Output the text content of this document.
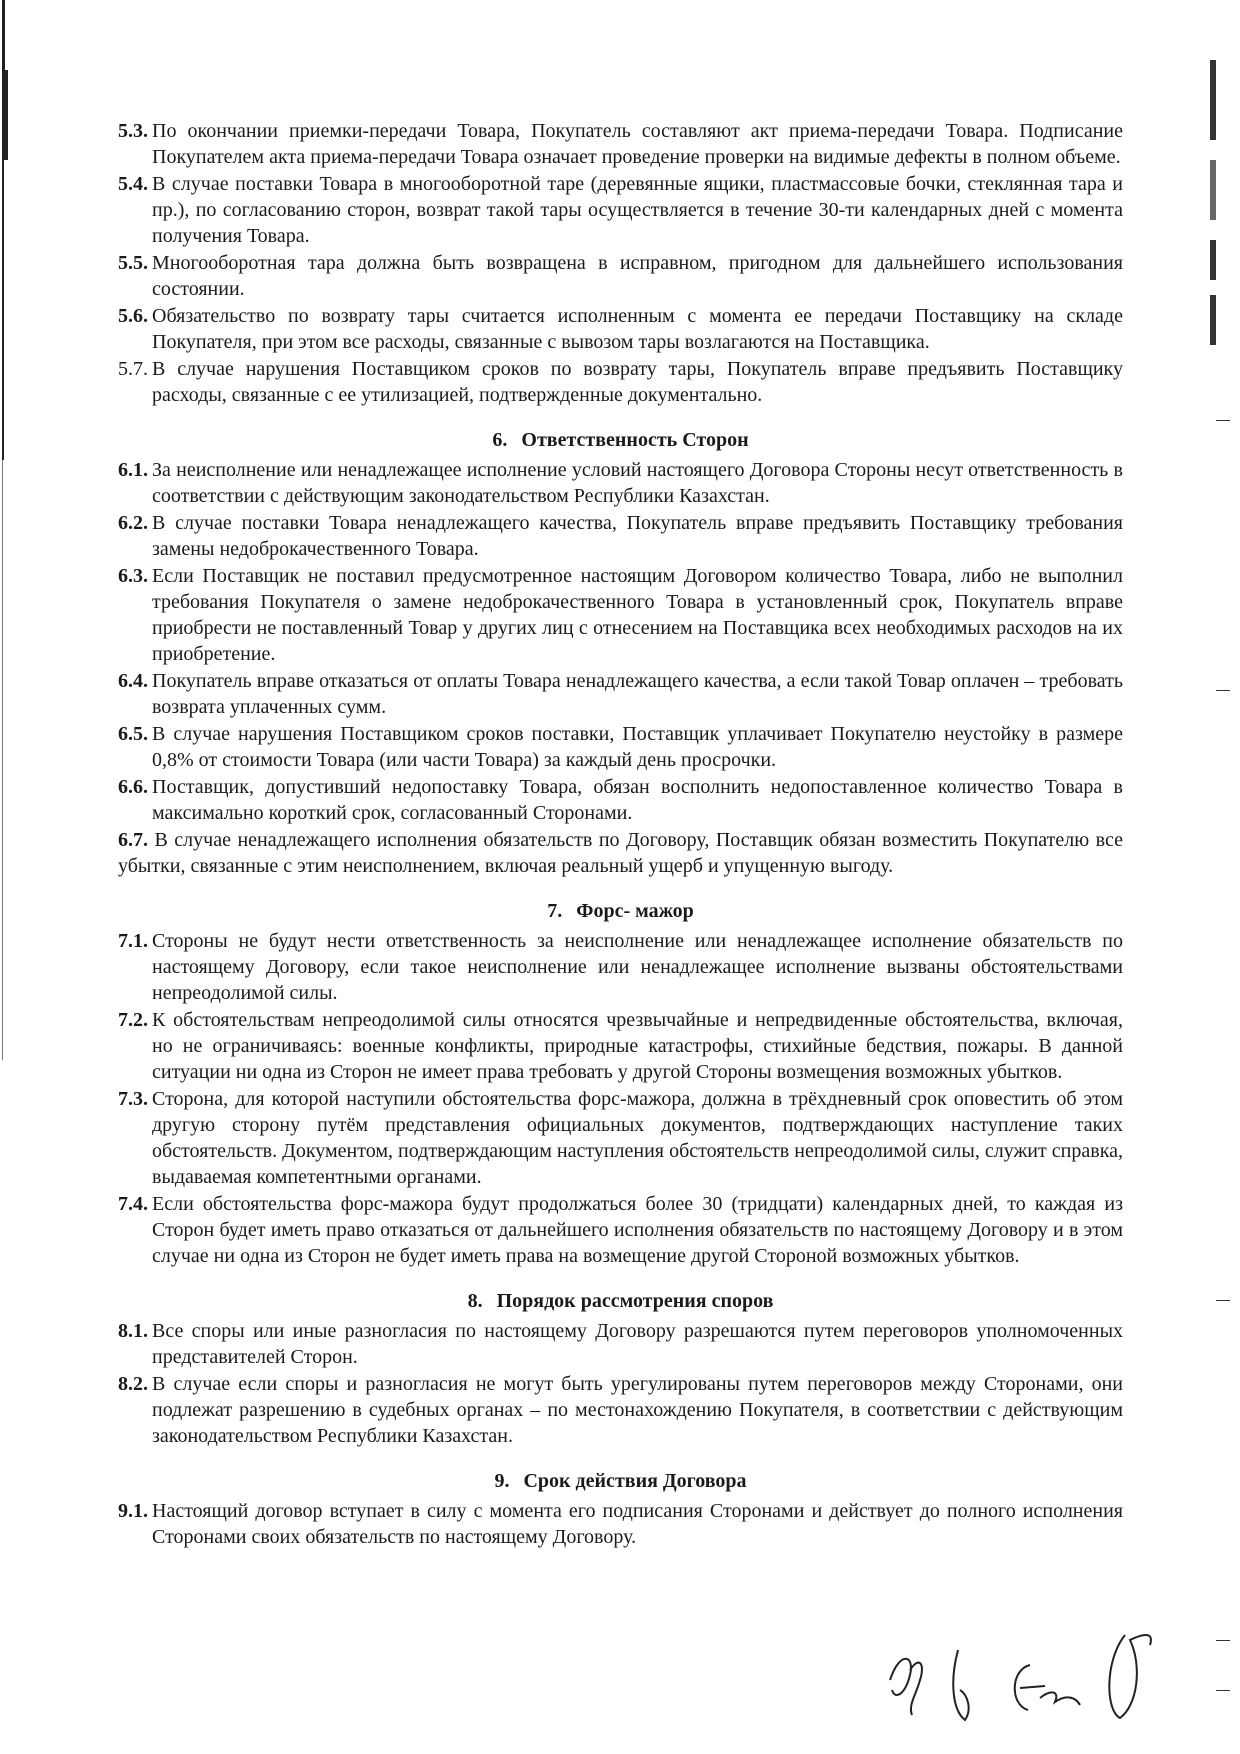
5.3. По окончании приемки-передачи Товара, Покупатель составляют акт приема-передачи Товара. Подписание Покупателем акта приема-передачи Товара означает проведение проверки на видимые дефекты в полном объеме.
5.4. В случае поставки Товара в многооборотной таре (деревянные ящики, пластмассовые бочки, стеклянная тара и пр.), по согласованию сторон, возврат такой тары осуществляется в течение 30-ти календарных дней с момента получения Товара.
5.5. Многооборотная тара должна быть возвращена в исправном, пригодном для дальнейшего использования состоянии.
5.6. Обязательство по возврату тары считается исполненным с момента ее передачи Поставщику на складе Покупателя, при этом все расходы, связанные с вывозом тары возлагаются на Поставщика.
5.7. В случае нарушения Поставщиком сроков по возврату тары, Покупатель вправе предъявить Поставщику расходы, связанные с ее утилизацией, подтвержденные документально.
6. Ответственность Сторон
6.1. За неисполнение или ненадлежащее исполнение условий настоящего Договора Стороны несут ответственность в соответствии с действующим законодательством Республики Казахстан.
6.2. В случае поставки Товара ненадлежащего качества, Покупатель вправе предъявить Поставщику требования замены недоброкачественного Товара.
6.3. Если Поставщик не поставил предусмотренное настоящим Договором количество Товара, либо не выполнил требования Покупателя о замене недоброкачественного Товара в установленный срок, Покупатель вправе приобрести не поставленный Товар у других лиц с отнесением на Поставщика всех необходимых расходов на их приобретение.
6.4. Покупатель вправе отказаться от оплаты Товара ненадлежащего качества, а если такой Товар оплачен – требовать возврата уплаченных сумм.
6.5. В случае нарушения Поставщиком сроков поставки, Поставщик уплачивает Покупателю неустойку в размере 0,8% от стоимости Товара (или части Товара) за каждый день просрочки.
6.6. Поставщик, допустивший недопоставку Товара, обязан восполнить недопоставленное количество Товара в максимально короткий срок, согласованный Сторонами.
6.7. В случае ненадлежащего исполнения обязательств по Договору, Поставщик обязан возместить Покупателю все убытки, связанные с этим неисполнением, включая реальный ущерб и упущенную выгоду.
7. Форс- мажор
7.1. Стороны не будут нести ответственность за неисполнение или ненадлежащее исполнение обязательств по настоящему Договору, если такое неисполнение или ненадлежащее исполнение вызваны обстоятельствами непреодолимой силы.
7.2. К обстоятельствам непреодолимой силы относятся чрезвычайные и непредвиденные обстоятельства, включая, но не ограничиваясь: военные конфликты, природные катастрофы, стихийные бедствия, пожары. В данной ситуации ни одна из Сторон не имеет права требовать у другой Стороны возмещения возможных убытков.
7.3. Сторона, для которой наступили обстоятельства форс-мажора, должна в трёхдневный срок оповестить об этом другую сторону путём представления официальных документов, подтверждающих наступление таких обстоятельств. Документом, подтверждающим наступления обстоятельств непреодолимой силы, служит справка, выдаваемая компетентными органами.
7.4. Если обстоятельства форс-мажора будут продолжаться более 30 (тридцати) календарных дней, то каждая из Сторон будет иметь право отказаться от дальнейшего исполнения обязательств по настоящему Договору и в этом случае ни одна из Сторон не будет иметь права на возмещение другой Стороной возможных убытков.
8. Порядок рассмотрения споров
8.1. Все споры или иные разногласия по настоящему Договору разрешаются путем переговоров уполномоченных представителей Сторон.
8.2. В случае если споры и разногласия не могут быть урегулированы путем переговоров между Сторонами, они подлежат разрешению в судебных органах – по местонахождению Покупателя, в соответствии с действующим законодательством Республики Казахстан.
9. Срок действия Договора
9.1. Настоящий договор вступает в силу с момента его подписания Сторонами и действует до полного исполнения Сторонами своих обязательств по настоящему Договору.
